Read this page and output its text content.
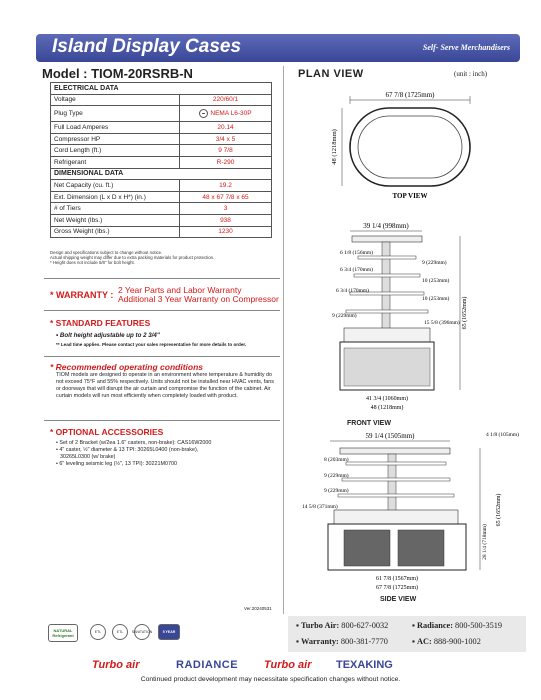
Island Display Cases	Self- Serve Merchandisers
Model : TIOM-20RSRB-N	PLAN VIEW	(unit : inch)
ELECTRICAL DATA	
Voltage	220/60/1
Plug Type	NEMA L6-30P
Full Load Amperes	20.14
Compressor HP	3/4 x 5
Cord Length (ft.)	9 7/8
Refrigerant	R-290
DIMENSIONAL DATA	
Net Capacity (cu. ft.)	19.2
Ext. Dimension (L x D x H*) (in.)	48 x 67 7/8 x 65
# of Tiers	3
Net Weight (lbs.)	938
Gross Weight (lbs.)	1230
Design and specifications subject to change without notice.
Actual shipping weight may differ due to extra packing materials for product protection.
* Height does not include 5/8" for bolt height.
* WARRANTY : 2 Year Parts and Labor Warranty
Additional 3 Year Warranty on Compressor
* STANDARD FEATURES
• Bolt height adjustable up to 2 3/4"
** Lead time applies. Please contact your sales representative for more details to order.
* Recommended operating conditions
TIOM models are designed to operate in an environment where temperature & humidity do not exceed 75°F and 55% respectively. Units should not be installed near HVAC vents, fans or doorways that will disrupt the air curtain and compromise the function of the cabinet. Air curtain models will run most efficiently when completely loaded with product.
* OPTIONAL ACCESSORIES
• Set of 2 Bracket (w/2ea 1.6" casters, non-brake): CAS16W2000
• 4" caster, ½" diameter & 13 TPI: 30265L0400 (non-brake),
30265L0300 (w/ brake)
• 6" leveling seismic leg (½", 13 TPI): 30221M0700
Ver.20240531
67 7/8 (1725mm)
48 (1218mm)
TOP VIEW
39 1/4 (998mm)
6 1/8 (156mm)
6 3/4 (170mm)
6 3/4 (170mm)
9 (229mm)
9 (229mm)
10 (253mm)
10 (253mm)
15 5/8 (396mm) 65 (1652mm)
41 3/4 (1060mm)
48 (1218mm)
FRONT VIEW
59 1/4 (1505mm)	4 1/8 (105mm)
8 (203mm)
9 (229mm)
9 (229mm)
14 5/8 (371mm)
28 1/4 (718mm)
65 (1652mm)
61 7/8 (1567mm)
67 7/8 (1725mm)
SIDE VIEW
NATURAL Refrigerant
ETL	ETL	SANITATION	5 YEAR
▪ Turbo Air: 800-627-0032	▪ Radiance: 800-500-3519
▪ Warranty: 800-381-7770	▪ AC: 888-900-1002
Turbo air	RADIANCE Turbo air TEXAKING
Continued product development may necessitate specification changes without notice.
